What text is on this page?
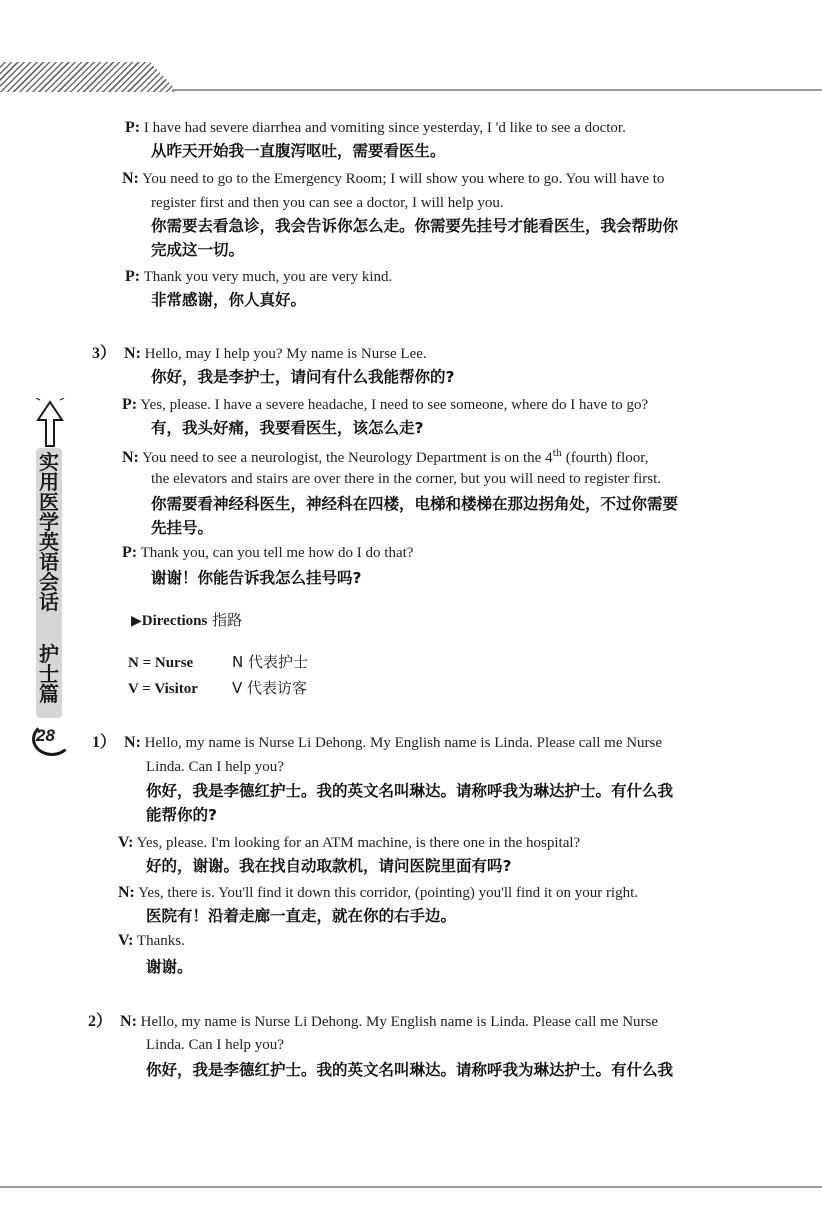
实用医学英语会话
护士篇
28
P: I have had severe diarrhea and vomiting since yesterday, I 'd like to see a doctor.
从昨天开始我一直腹泻呕吐，需要看医生。
N: You need to go to the Emergency Room; I will show you where to go. You will have to
register first and then you can see a doctor, I will help you.
你需要去看急诊，我会告诉你怎么走。你需要先挂号才能看医生，我会帮助你
完成这一切。
P: Thank you very much, you are very kind.
非常感谢，你人真好。
3） N: Hello, may I help you? My name is Nurse Lee.
你好，我是李护士，请问有什么我能帮你的?
P: Yes, please. I have a severe headache, I need to see someone, where do I have to go?
有，我头好痛，我要看医生，该怎么走?
N: You need to see a neurologist, the Neurology Department is on the 4th (fourth) floor,
the elevators and stairs are over there in the corner, but you will need to register first.
你需要看神经科医生，神经科在四楼，电梯和楼梯在那边拐角处，不过你需要
先挂号。
P: Thank you, can you tell me how do I do that?
谢谢！你能告诉我怎么挂号吗?
1） N: Hello, my name is Nurse Li Dehong. My English name is Linda. Please call me Nurse
Linda. Can I help you?
你好，我是李德红护士。我的英文名叫琳达。请称呼我为琳达护士。有什么我
能帮你的?
V: Yes, please. I'm looking for an ATM machine, is there one in the hospital?
好的，谢谢。我在找自动取款机，请问医院里面有吗?
N: Yes, there is. You'll find it down this corridor, (pointing) you'll find it on your right.
医院有！沿着走廊一直走，就在你的右手边。
V: Thanks.
谢谢。
2） N: Hello, my name is Nurse Li Dehong. My English name is Linda. Please call me Nurse
Linda. Can I help you?
你好，我是李德红护士。我的英文名叫琳达。请称呼我为琳达护士。有什么我
▶Directions 指路
N = Nurse	N 代表护士
V = Visitor V 代表访客
